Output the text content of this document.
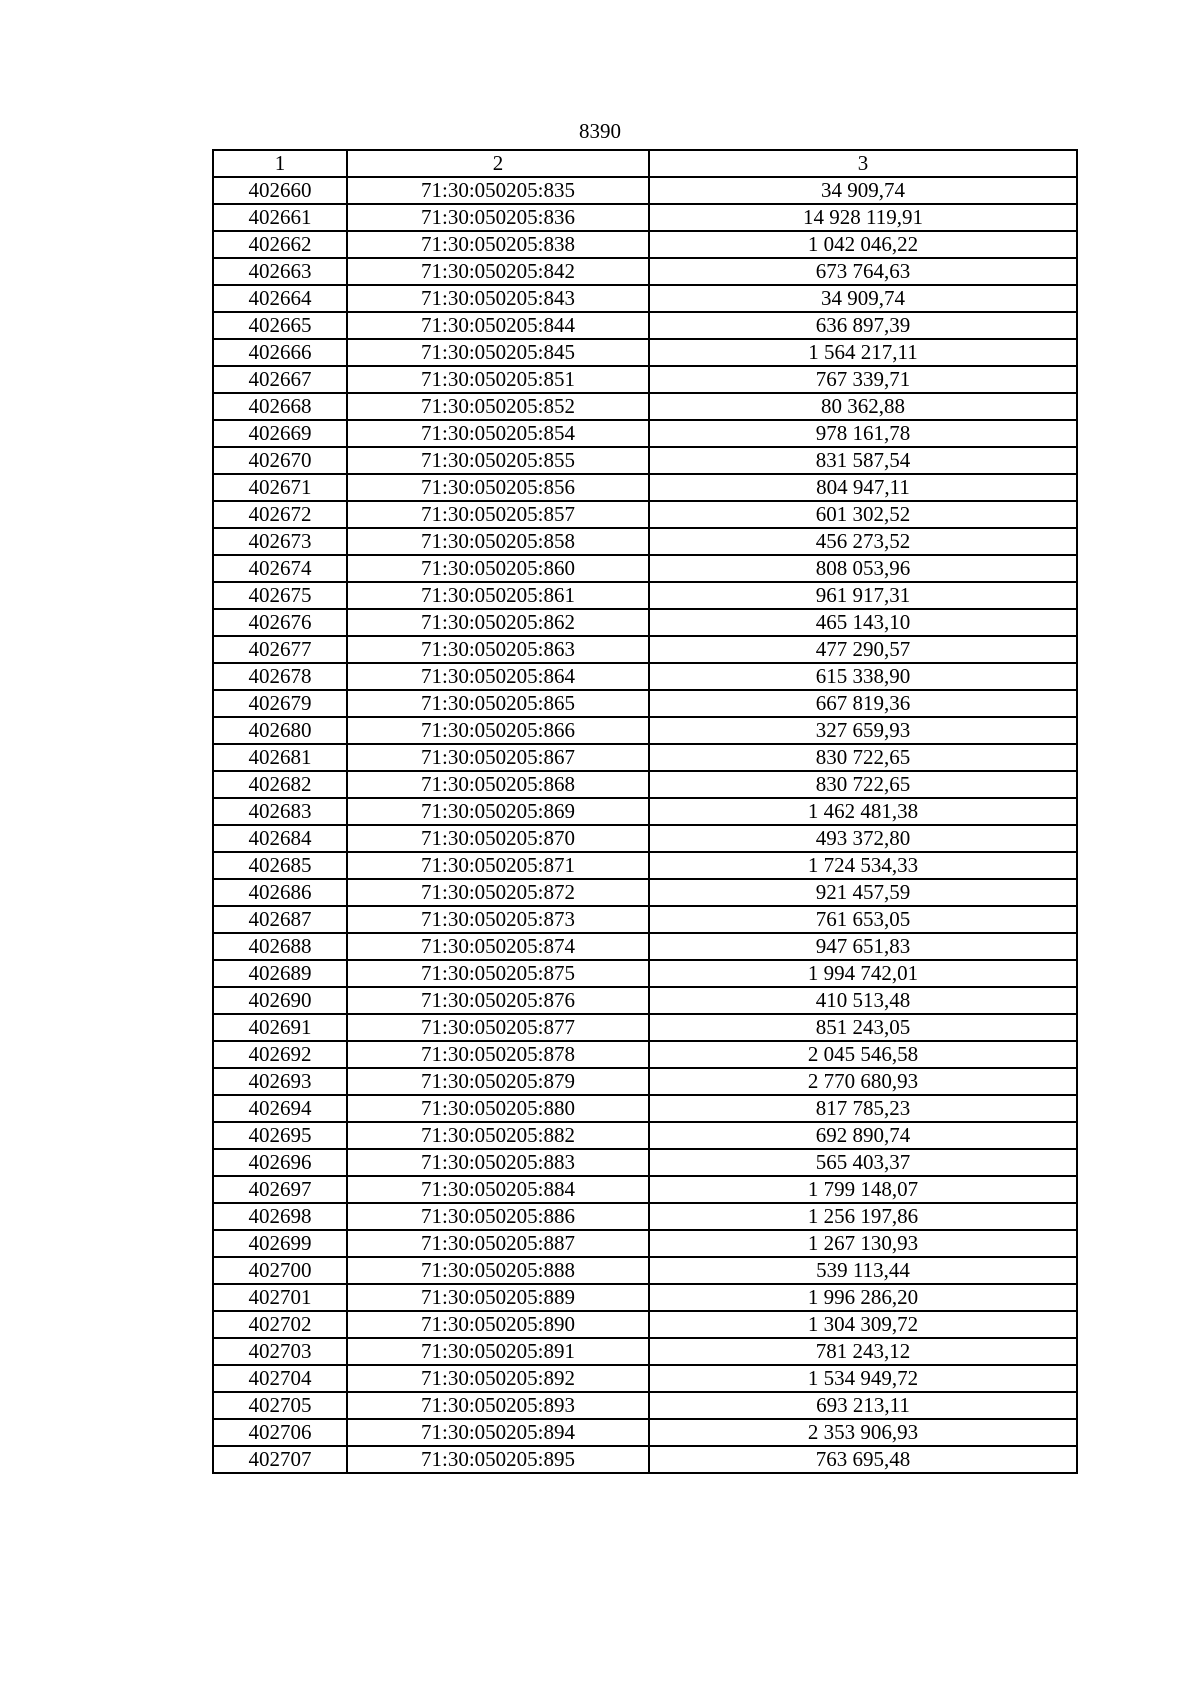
8390
1	2	3
402660	71:30:050205:835	34 909,74
402661	71:30:050205:836	14 928 119,91
402662	71:30:050205:838	1 042 046,22
402663	71:30:050205:842	673 764,63
402664	71:30:050205:843	34 909,74
402665	71:30:050205:844	636 897,39
402666	71:30:050205:845	1 564 217,11
402667	71:30:050205:851	767 339,71
402668	71:30:050205:852	80 362,88
402669	71:30:050205:854	978 161,78
402670	71:30:050205:855	831 587,54
402671	71:30:050205:856	804 947,11
402672	71:30:050205:857	601 302,52
402673	71:30:050205:858	456 273,52
402674	71:30:050205:860	808 053,96
402675	71:30:050205:861	961 917,31
402676	71:30:050205:862	465 143,10
402677	71:30:050205:863	477 290,57
402678	71:30:050205:864	615 338,90
402679	71:30:050205:865	667 819,36
402680	71:30:050205:866	327 659,93
402681	71:30:050205:867	830 722,65
402682	71:30:050205:868	830 722,65
402683	71:30:050205:869	1 462 481,38
402684	71:30:050205:870	493 372,80
402685	71:30:050205:871	1 724 534,33
402686	71:30:050205:872	921 457,59
402687	71:30:050205:873	761 653,05
402688	71:30:050205:874	947 651,83
402689	71:30:050205:875	1 994 742,01
402690	71:30:050205:876	410 513,48
402691	71:30:050205:877	851 243,05
402692	71:30:050205:878	2 045 546,58
402693	71:30:050205:879	2 770 680,93
402694	71:30:050205:880	817 785,23
402695	71:30:050205:882	692 890,74
402696	71:30:050205:883	565 403,37
402697	71:30:050205:884	1 799 148,07
402698	71:30:050205:886	1 256 197,86
402699	71:30:050205:887	1 267 130,93
402700	71:30:050205:888	539 113,44
402701	71:30:050205:889	1 996 286,20
402702	71:30:050205:890	1 304 309,72
402703	71:30:050205:891	781 243,12
402704	71:30:050205:892	1 534 949,72
402705	71:30:050205:893	693 213,11
402706	71:30:050205:894	2 353 906,93
402707	71:30:050205:895	763 695,48
